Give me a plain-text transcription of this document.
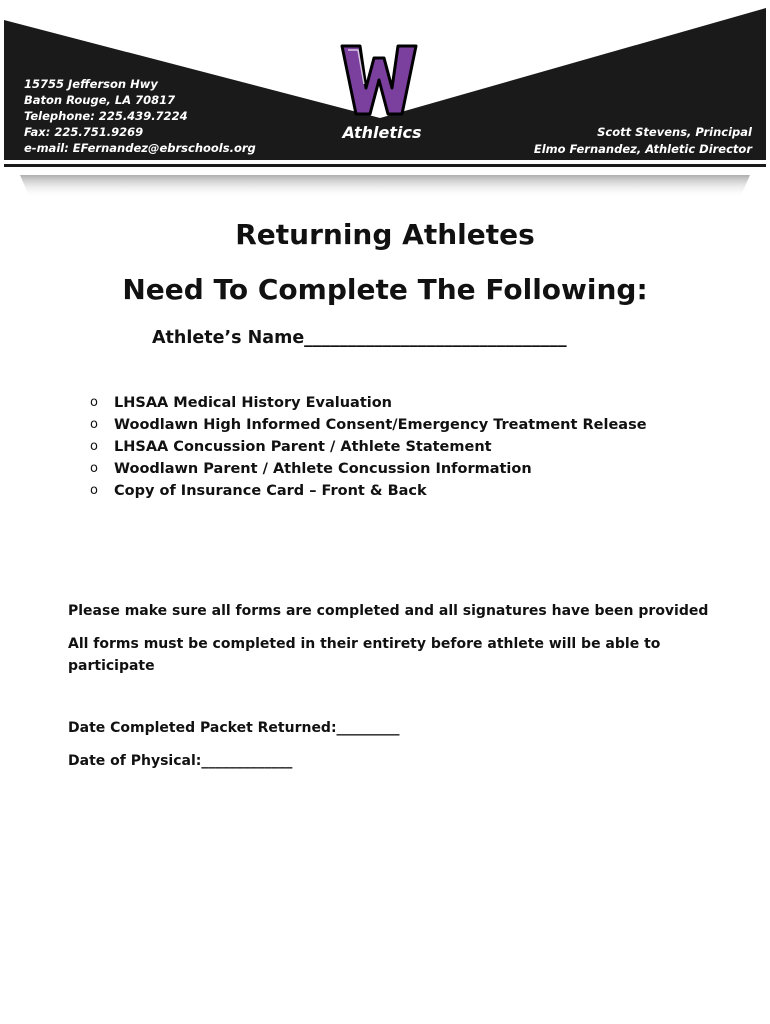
Athletics
15755 Jefferson Hwy
Baton Rouge, LA 70817
Telephone: 225.439.7224
Fax: 225.751.9269
e-mail: EFernandez@ebrschools.org
Scott Stevens, Principal
Elmo Fernandez, Athletic Director
Returning Athletes
Need To Complete The Following:
Athlete’s Name______________________________
o	LHSAA Medical History Evaluation
o	Woodlawn High Informed Consent/Emergency Treatment Release
o	LHSAA Concussion Parent / Athlete Statement
o	Woodlawn Parent / Athlete Concussion Information
o	Copy of Insurance Card – Front & Back
Please make sure all forms are completed and all signatures have been provided
All forms must be completed in their entirety before athlete will be able to participate
Date Completed Packet Returned:_________
Date of Physical:_____________
